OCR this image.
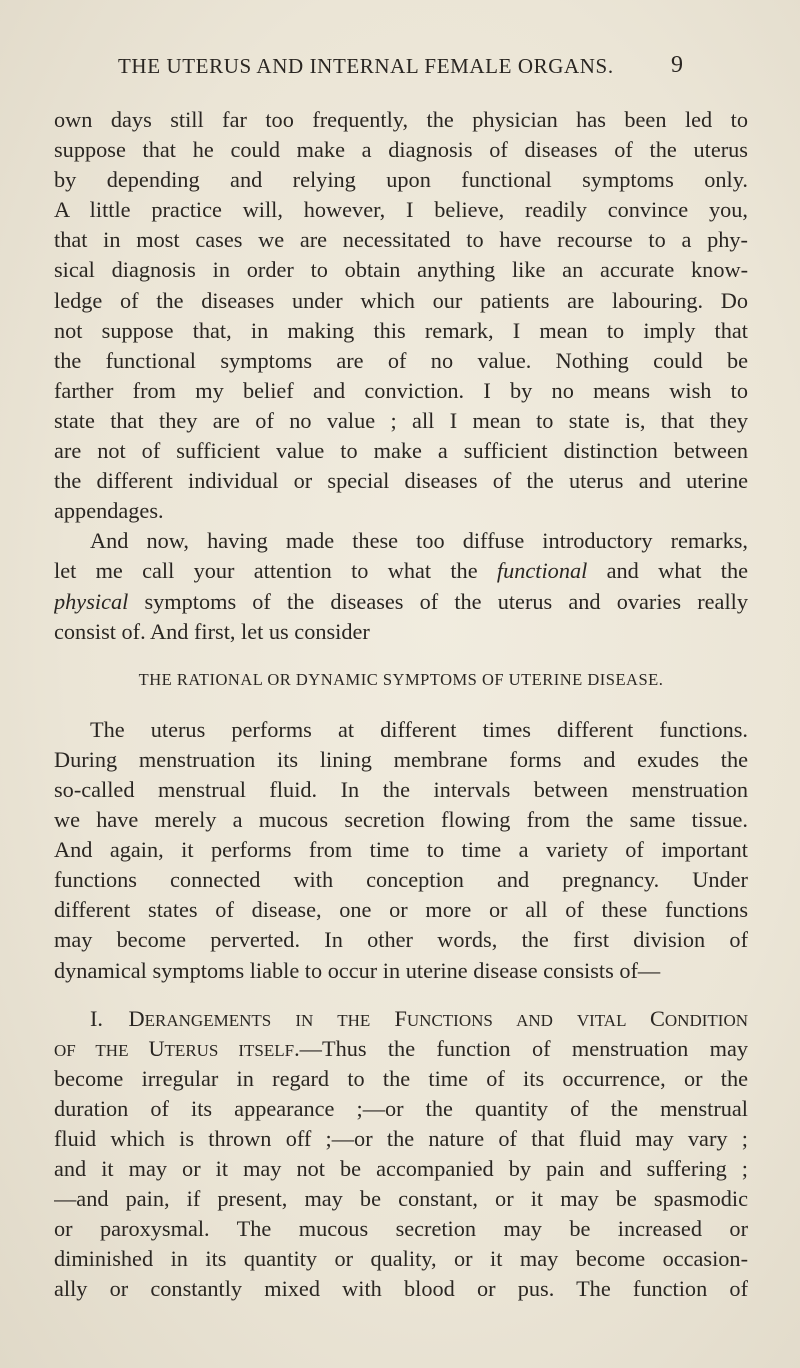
THE UTERUS AND INTERNAL FEMALE ORGANS. 9
own days still far too frequently, the physician has been led to
suppose that he could make a diagnosis of diseases of the uterus
by depending and relying upon functional symptoms only.
A little practice will, however, I believe, readily convince you,
that in most cases we are necessitated to have recourse to a phy-
sical diagnosis in order to obtain anything like an accurate know-
ledge of the diseases under which our patients are labouring. Do
not suppose that, in making this remark, I mean to imply that
the functional symptoms are of no value. Nothing could be
farther from my belief and conviction. I by no means wish to
state that they are of no value ; all I mean to state is, that they
are not of sufficient value to make a sufficient distinction between
the different individual or special diseases of the uterus and uterine
appendages.
And now, having made these too diffuse introductory remarks,
let me call your attention to what the functional and what the
physical symptoms of the diseases of the uterus and ovaries really
consist of. And first, let us consider
THE RATIONAL OR DYNAMIC SYMPTOMS OF UTERINE DISEASE.
The uterus performs at different times different functions.
During menstruation its lining membrane forms and exudes the
so-called menstrual fluid. In the intervals between menstruation
we have merely a mucous secretion flowing from the same tissue.
And again, it performs from time to time a variety of important
functions connected with conception and pregnancy. Under
different states of disease, one or more or all of these functions
may become perverted. In other words, the first division of
dynamical symptoms liable to occur in uterine disease consists of—
I. DERANGEMENTS IN THE FUNCTIONS AND VITAL CONDITION
OF THE UTERUS ITSELF.—Thus the function of menstruation may
become irregular in regard to the time of its occurrence, or the
duration of its appearance ;—or the quantity of the menstrual
fluid which is thrown off ;—or the nature of that fluid may vary ;
and it may or it may not be accompanied by pain and suffering ;
—and pain, if present, may be constant, or it may be spasmodic
or paroxysmal. The mucous secretion may be increased or
diminished in its quantity or quality, or it may become occasion-
ally or constantly mixed with blood or pus. The function of
